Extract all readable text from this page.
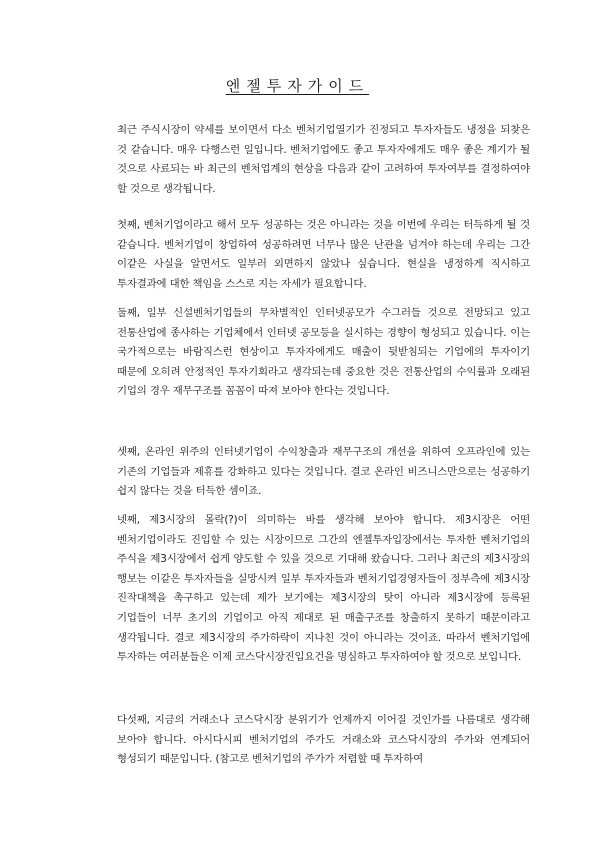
엔젤투자가이드

최근 주식시장이 약세를 보이면서 다소 벤처기업열기가 진정되고 투자자들도 냉정을 되찾은 것 같습니다. 매우 다행스런 일입니다. 벤처기업에도 좋고 투자자에게도 매우 좋은 계기가 될 것으로 사료되는 바 최근의 벤처업계의 현상을 다음과 같이 고려하여 투자여부를 결정하여야 할 것으로 생각됩니다.

첫째, 벤처기업이라고 해서 모두 성공하는 것은 아니라는 것을 이번에 우리는 터득하게 될 것 같습니다. 벤처기업이 창업하여 성공하려면 너무나 많은 난관을 넘겨야 하는데 우리는 그간 이같은 사실을 알면서도 일부러 외면하지 않았나 싶습니다. 현실을 냉정하게 직시하고 투자결과에 대한 책임을 스스로 지는 자세가 필요합니다.

둘째, 일부 신설벤처기업들의 무차별적인 인터넷공모가 수그러들 것으로 전망되고 있고 전통산업에 종사하는 기업체에서 인터넷 공모등을 실시하는 경향이 형성되고 있습니다. 이는 국가적으로는 바람직스런 현상이고 투자자에게도 매출이 뒷받침되는 기업에의 투자이기 때문에 오히려 안정적인 투자기회라고 생각되는데 중요한 것은 전통산업의 수익률과 오래된 기업의 경우 재무구조를 꼼꼼이 따져 보아야 한다는 것입니다.

셋째, 온라인 위주의 인터넷기업이 수익창출과 재무구조의 개선을 위하여 오프라인에 있는 기존의 기업들과 제휴를 강화하고 있다는 것입니다. 결코 온라인 비즈니스만으로는 성공하기 쉽지 않다는 것을 터득한 셈이죠.

넷째, 제3시장의 몰락(?)이 의미하는 바를 생각해 보아야 합니다. 제3시장은 어떤 벤처기업이라도 진입할 수 있는 시장이므로 그간의 엔젤투자입장에서는 투자한 벤처기업의 주식을 제3시장에서 쉽게 양도할 수 있을 것으로 기대해 왔습니다. 그러나 최근의 제3시장의 행보는 이같은 투자자들을 실망시켜 일부 투자자들과 벤처기업경영자들이 정부측에 제3시장 진작대책을 촉구하고 있는데 제가 보기에는 제3시장의 탓이 아니라 제3시장에 등록된 기업들이 너무 초기의 기업이고 아직 제대로 된 매출구조를 창출하지 못하기 때문이라고 생각됩니다. 결코 제3시장의 주가하락이 지나친 것이 아니라는 것이죠. 따라서 벤처기업에 투자하는 여러분들은 이제 코스닥시장진입요건을 명심하고 투자하여야 할 것으로 보입니다.

다섯째, 지금의 거래소나 코스닥시장 분위기가 언제까지 이어질 것인가를 나름대로 생각해 보아야 합니다. 아시다시피 벤처기업의 주가도 거래소와 코스닥시장의 주가와 연계되어 형성되기 때문입니다. (참고로 벤처기업의 주가가 저렴할 때 투자하여
